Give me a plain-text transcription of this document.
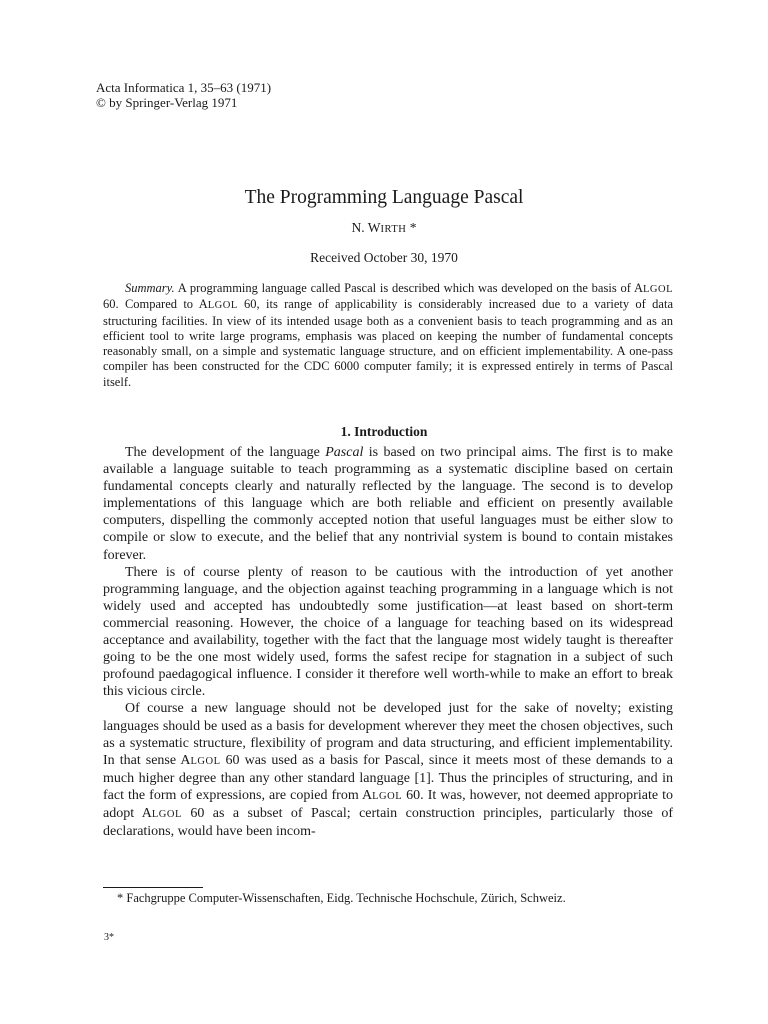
Acta Informatica 1, 35–63 (1971)
© by Springer-Verlag 1971
The Programming Language Pascal
N. WIRTH *
Received October 30, 1970
Summary. A programming language called Pascal is described which was developed on the basis of ALGOL 60. Compared to ALGOL 60, its range of applicability is considerably increased due to a variety of data structuring facilities. In view of its intended usage both as a convenient basis to teach programming and as an efficient tool to write large programs, emphasis was placed on keeping the number of fundamental concepts reasonably small, on a simple and systematic language structure, and on efficient implementability. A one-pass compiler has been constructed for the CDC 6000 computer family; it is expressed entirely in terms of Pascal itself.
1. Introduction

The development of the language Pascal is based on two principal aims. The first is to make available a language suitable to teach programming as a systematic discipline based on certain fundamental concepts clearly and naturally reflected by the language. The second is to develop implementations of this language which are both reliable and efficient on presently available computers, dispelling the commonly accepted notion that useful languages must be either slow to compile or slow to execute, and the belief that any nontrivial system is bound to contain mistakes forever.

There is of course plenty of reason to be cautious with the introduction of yet another programming language, and the objection against teaching programming in a language which is not widely used and accepted has undoubtedly some justification—at least based on short-term commercial reasoning. However, the choice of a language for teaching based on its widespread acceptance and availability, together with the fact that the language most widely taught is thereafter going to be the one most widely used, forms the safest recipe for stagnation in a subject of such profound paedagogical influence. I consider it therefore well worth-while to make an effort to break this vicious circle.

Of course a new language should not be developed just for the sake of novelty; existing languages should be used as a basis for development wherever they meet the chosen objectives, such as a systematic structure, flexibility of program and data structuring, and efficient implementability. In that sense ALGOL 60 was used as a basis for Pascal, since it meets most of these demands to a much higher degree than any other standard language [1]. Thus the principles of structuring, and in fact the form of expressions, are copied from ALGOL 60. It was, however, not deemed appropriate to adopt ALGOL 60 as a subset of Pascal; certain construction principles, particularly those of declarations, would have been incom-

* Fachgruppe Computer-Wissenschaften, Eidg. Technische Hochschule, Zürich, Schweiz.
3*
